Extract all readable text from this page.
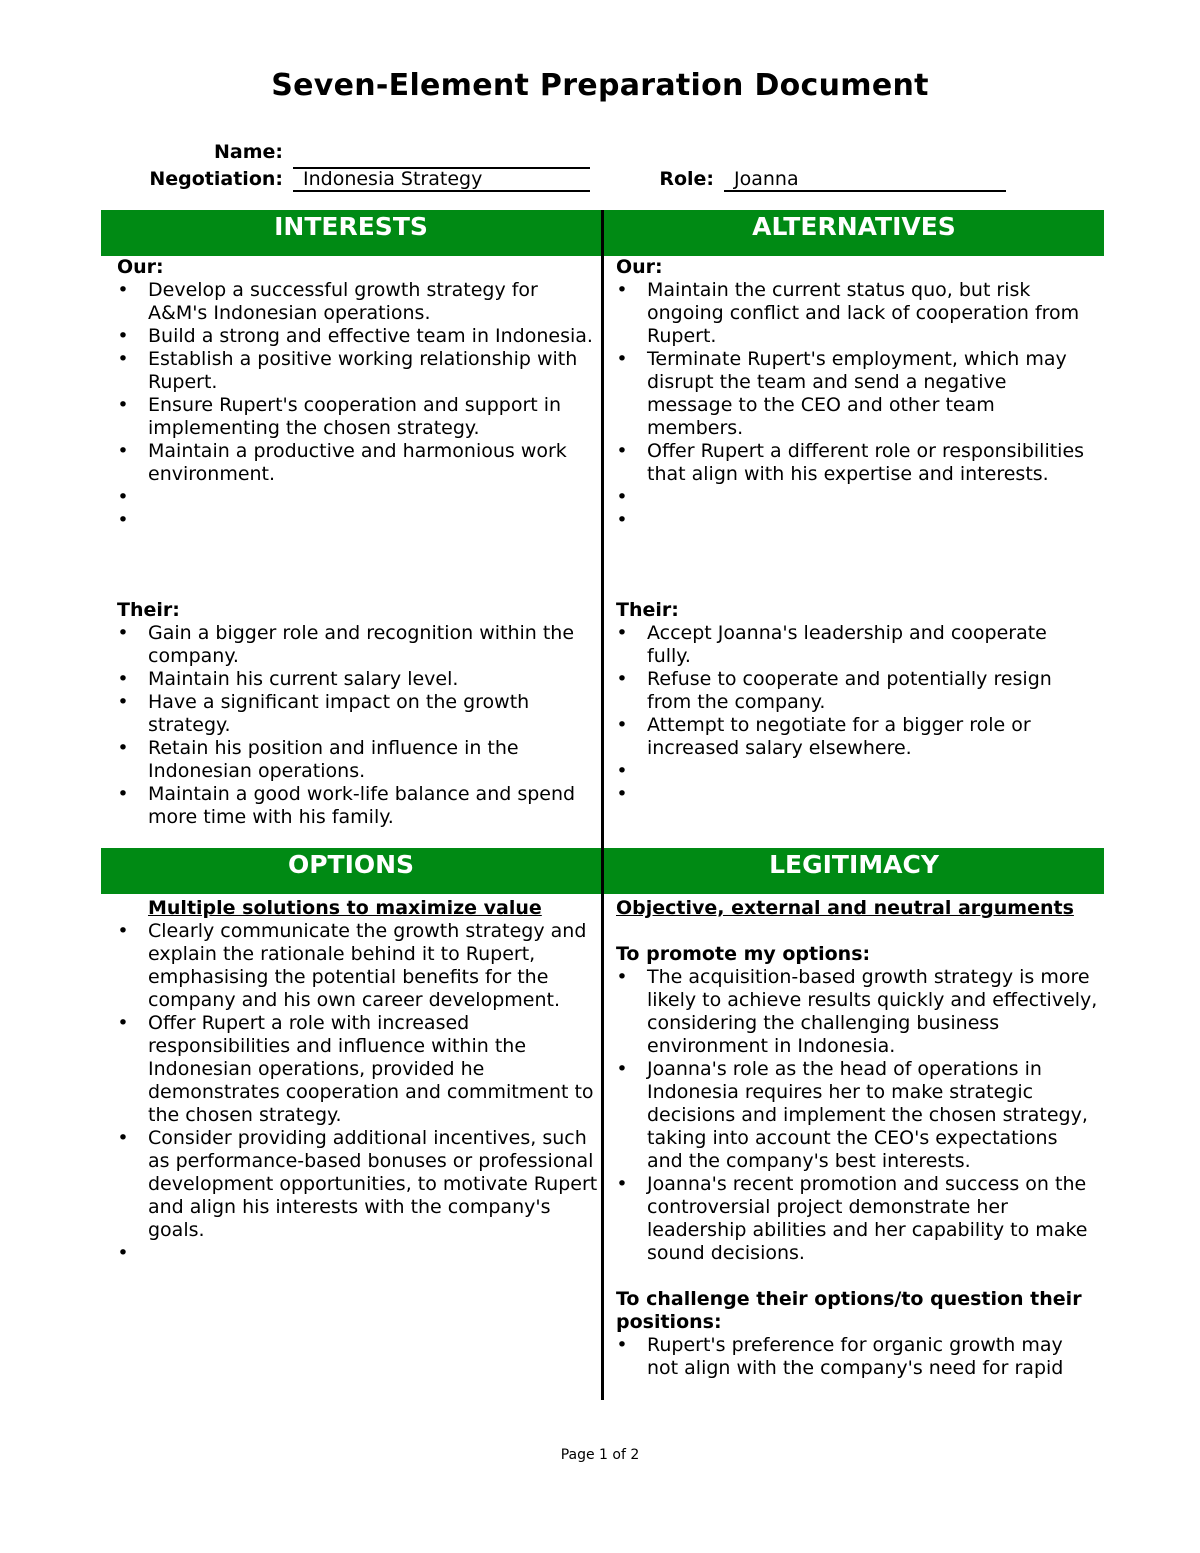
Seven-Element Preparation Document
Name:
Negotiation:	Indonesia Strategy	Role:	Joanna
INTERESTS	ALTERNATIVES
Our:
• Develop a successful growth strategy for A&M's Indonesian operations.
• Build a strong and effective team in Indonesia.
• Establish a positive working relationship with Rupert.
• Ensure Rupert's cooperation and support in implementing the chosen strategy.
• Maintain a productive and harmonious work environment.
•
•
Their:
• Gain a bigger role and recognition within the company.
• Maintain his current salary level.
• Have a significant impact on the growth strategy.
• Retain his position and influence in the Indonesian operations.
• Maintain a good work-life balance and spend more time with his family.
Our:
• Maintain the current status quo, but risk ongoing conflict and lack of cooperation from Rupert.
• Terminate Rupert's employment, which may disrupt the team and send a negative message to the CEO and other team members.
• Offer Rupert a different role or responsibilities that align with his expertise and interests.
•
•
Their:
• Accept Joanna's leadership and cooperate fully.
• Refuse to cooperate and potentially resign from the company.
• Attempt to negotiate for a bigger role or increased salary elsewhere.
•
•
OPTIONS	LEGITIMACY
Multiple solutions to maximize value
• Clearly communicate the growth strategy and explain the rationale behind it to Rupert, emphasising the potential benefits for the company and his own career development.
• Offer Rupert a role with increased responsibilities and influence within the Indonesian operations, provided he demonstrates cooperation and commitment to the chosen strategy.
• Consider providing additional incentives, such as performance-based bonuses or professional development opportunities, to motivate Rupert and align his interests with the company's goals.
•
Objective, external and neutral arguments
To promote my options:
• The acquisition-based growth strategy is more likely to achieve results quickly and effectively, considering the challenging business environment in Indonesia.
• Joanna's role as the head of operations in Indonesia requires her to make strategic decisions and implement the chosen strategy, taking into account the CEO's expectations and the company's best interests.
• Joanna's recent promotion and success on the controversial project demonstrate her leadership abilities and her capability to make sound decisions.
To challenge their options/to question their positions:
• Rupert's preference for organic growth may not align with the company's need for rapid
Page 1 of 2
